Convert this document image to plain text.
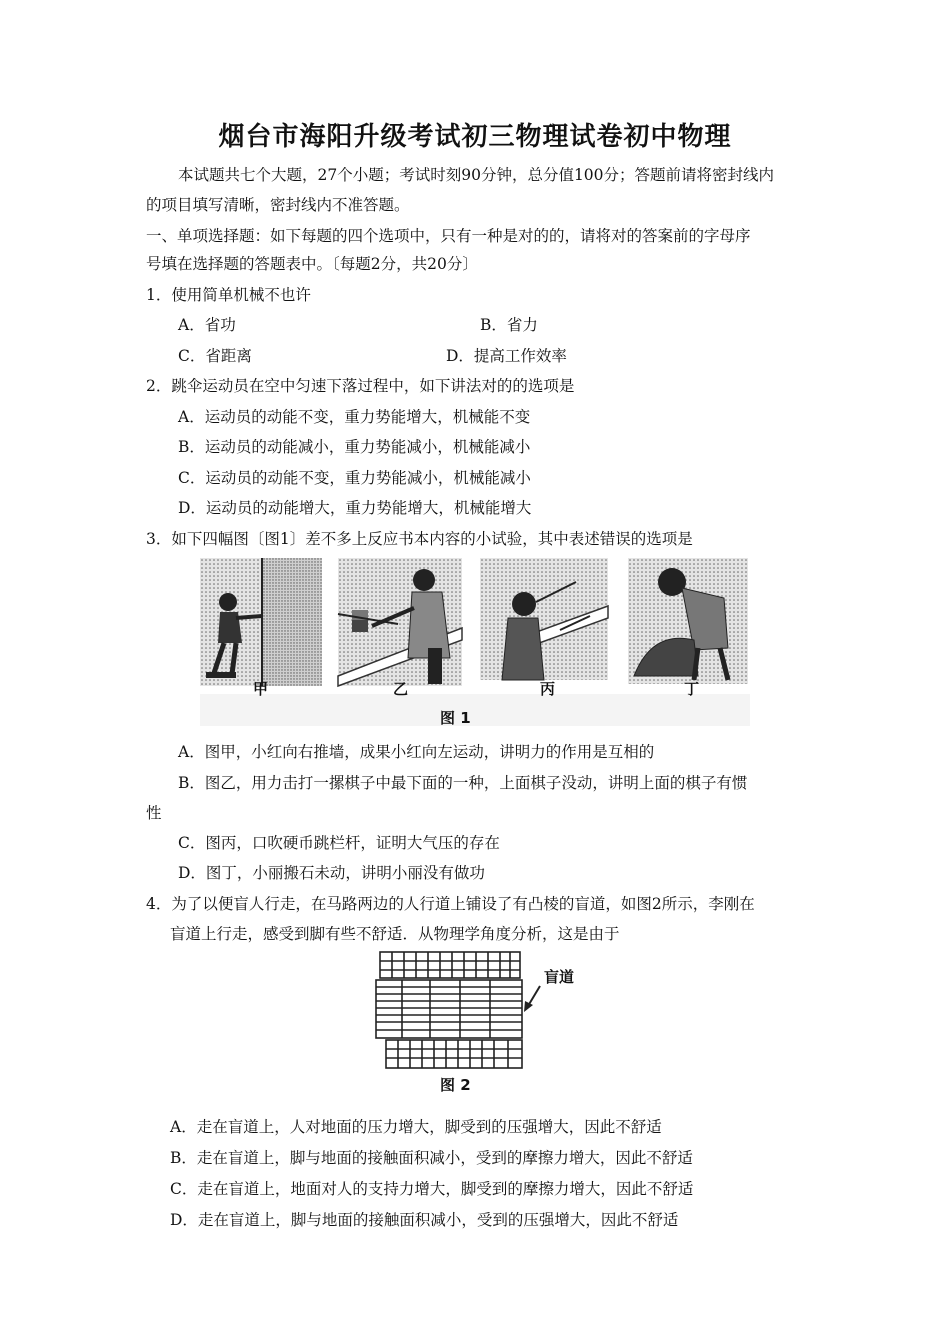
烟台市海阳升级考试初三物理试卷初中物理
本试题共七个大题，27个小题；考试时刻90分钟，总分值100分；答题前请将密封线内
的项目填写清晰，密封线内不准答题。
一、单项选择题：如下每题的四个选项中，只有一种是对的的，请将对的答案前的字母序
号填在选择题的答题表中。〔每题2分，共20分〕
1．使用简单机械不也许
A．省功	B．省力
C．省距离	D．提高工作效率
2．跳伞运动员在空中匀速下落过程中，如下讲法对的的选项是
A．运动员的动能不变，重力势能增大，机械能不变
B．运动员的动能减小，重力势能减小，机械能减小
C．运动员的动能不变，重力势能减小，机械能减小
D．运动员的动能增大，重力势能增大，机械能增大
3．如下四幅图〔图1〕差不多上反应书本内容的小试验，其中表述错误的选项是
甲	乙	丙	丁
图 1
A．图甲，小红向右推墙，成果小红向左运动，讲明力的作用是互相的
B．图乙，用力击打一摞棋子中最下面的一种，上面棋子没动，讲明上面的棋子有惯
性
C．图丙，口吹硬币跳栏杆，证明大气压的存在
D．图丁，小丽搬石未动，讲明小丽没有做功
4．为了以便盲人行走，在马路两边的人行道上铺设了有凸棱的盲道，如图2所示，李刚在
盲道上行走，感受到脚有些不舒适．从物理学角度分析，这是由于
盲道
图 2
A．走在盲道上，人对地面的压力增大，脚受到的压强增大，因此不舒适
B．走在盲道上，脚与地面的接触面积减小，受到的摩擦力增大，因此不舒适
C．走在盲道上，地面对人的支持力增大，脚受到的摩擦力增大，因此不舒适
D．走在盲道上，脚与地面的接触面积减小，受到的压强增大，因此不舒适
